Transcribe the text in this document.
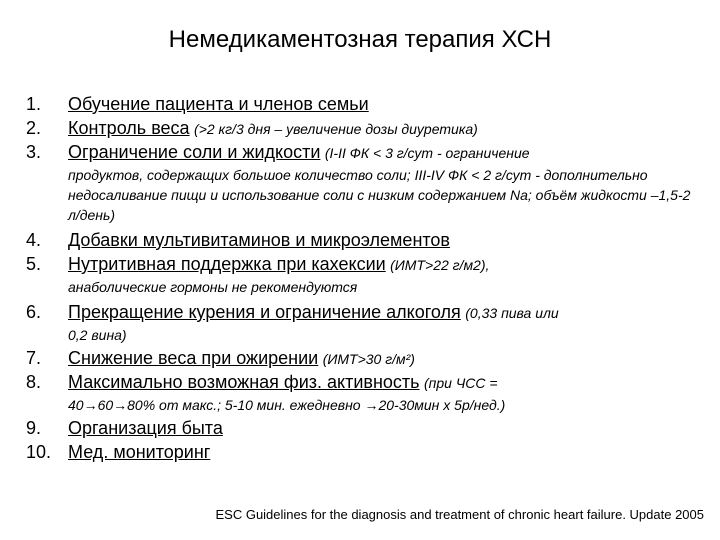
Немедикаментозная терапия ХСН
1. Обучение пациента и членов семьи
2. Контроль веса (>2 кг/3 дня – увеличение дозы диуретика)
3. Ограничение соли и жидкости (I-II ФК < 3 г/сут - ограничение
продуктов, содержащих большое количество соли; III-IV ФК < 2 г/сут - дополнительно недосаливание пищи и использование соли с низким содержанием Na; объём жидкости –1,5-2 л/день)
4. Добавки мультивитаминов и микроэлементов
5. Нутритивная поддержка при кахексии (ИМТ>22 г/м2),
анаболические гормоны не рекомендуются
6. Прекращение курения и ограничение алкоголя (0,33 пива или
0,2 вина)
7. Снижение веса при ожирении (ИМТ>30 г/м²)
8. Максимально возможная физ. активность (при ЧСС =
40→60→80% от макс.; 5-10 мин. ежедневно →20-30мин х 5р/нед.)
9. Организация быта
10. Мед. мониторинг
ESC Guidelines for the diagnosis and treatment of chronic heart failure. Update 2005
